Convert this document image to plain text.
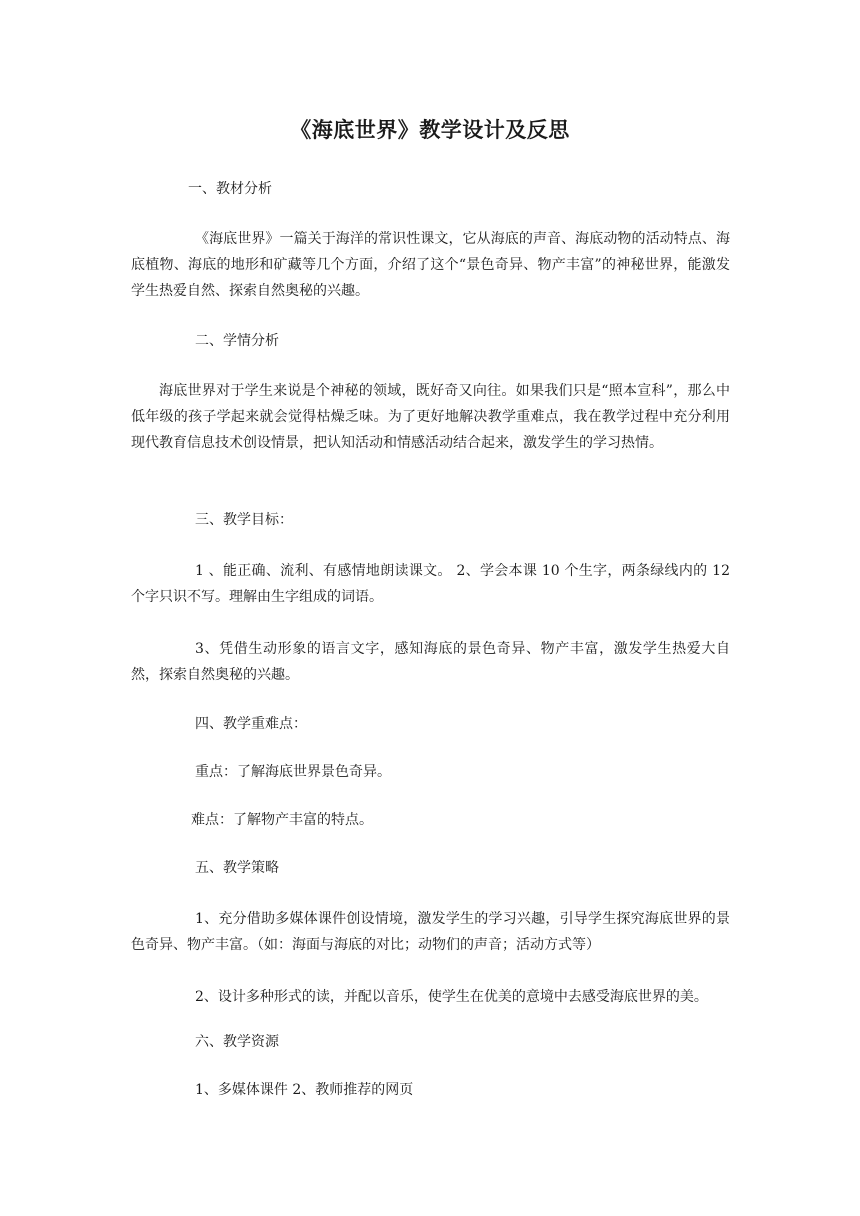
《海底世界》教学设计及反思
一、教材分析
《海底世界》一篇关于海洋的常识性课文，它从海底的声音、海底动物的活动特点、海底植物、海底的地形和矿藏等几个方面，介绍了这个“景色奇异、物产丰富”的神秘世界，能激发学生热爱自然、探索自然奥秘的兴趣。
二、学情分析
海底世界对于学生来说是个神秘的领域，既好奇又向往。如果我们只是“照本宣科”，那么中低年级的孩子学起来就会觉得枯燥乏味。为了更好地解决教学重难点，我在教学过程中充分利用现代教育信息技术创设情景，把认知活动和情感活动结合起来，激发学生的学习热情。
三、教学目标：
1 、能正确、流利、有感情地朗读课文。 2、学会本课 10 个生字，两条绿线内的 12 个字只识不写。理解由生字组成的词语。
3、凭借生动形象的语言文字，感知海底的景色奇异、物产丰富，激发学生热爱大自然，探索自然奥秘的兴趣。
四、教学重难点：
重点：了解海底世界景色奇异。
难点：了解物产丰富的特点。
五、教学策略
1、充分借助多媒体课件创设情境，激发学生的学习兴趣，引导学生探究海底世界的景色奇异、物产丰富。（如：海面与海底的对比；动物们的声音；活动方式等）
2、设计多种形式的读，并配以音乐，使学生在优美的意境中去感受海底世界的美。
六、教学资源
1、多媒体课件 2、教师推荐的网页
